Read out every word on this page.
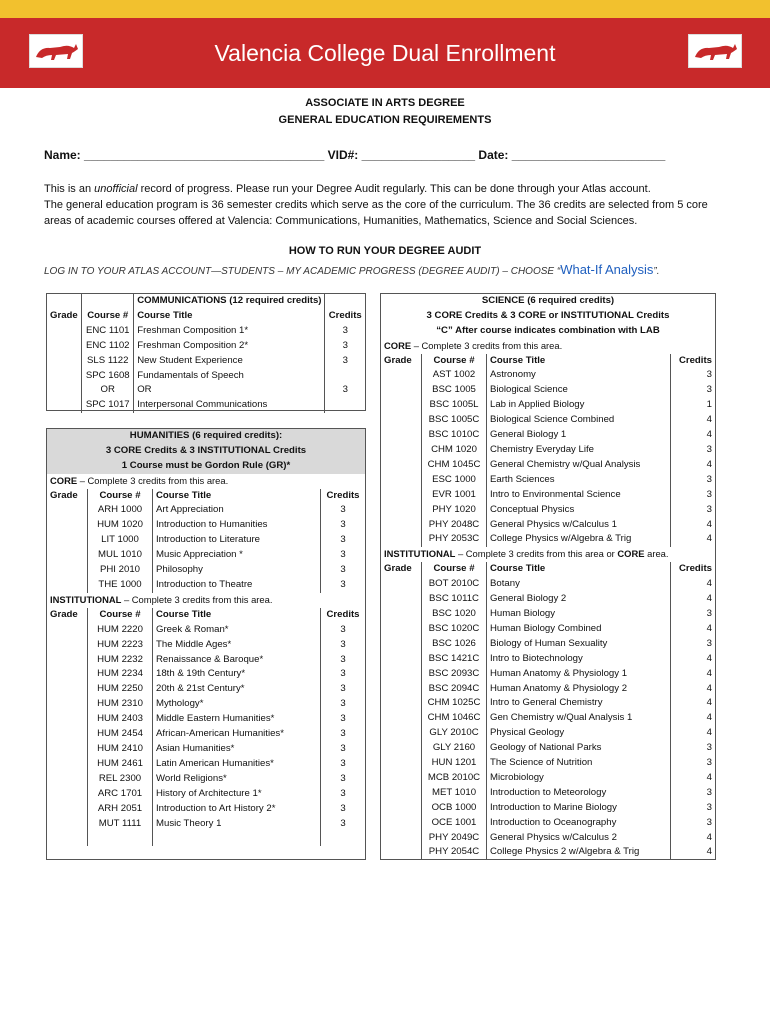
Valencia College Dual Enrollment
ASSOCIATE IN ARTS DEGREE
GENERAL EDUCATION REQUIREMENTS
Name: ____________________________________ VID#: _________________ Date: _______________________
This is an unofficial record of progress. Please run your Degree Audit regularly. This can be done through your Atlas account.
The general education program is 36 semester credits which serve as the core of the curriculum. The 36 credits are selected from 5 core areas of academic courses offered at Valencia: Communications, Humanities, Mathematics, Science and Social Sciences.
HOW TO RUN YOUR DEGREE AUDIT
LOG IN TO YOUR ATLAS ACCOUNT—STUDENTS – MY ACADEMIC PROGRESS (DEGREE AUDIT) – CHOOSE “What-If Analysis”.
		COMMUNICATIONS (12 required credits)	
Grade	Course #	Course Title	Credits
	ENC 1101	Freshman Composition 1*	3
	ENC 1102	Freshman Composition 2*	3
	SLS 1122	New Student Experience	3
	SPC 1608	Fundamentals of Speech	
	OR	OR	3
	SPC 1017	Interpersonal Communications	
HUMANITIES (6 required credits):			
3 CORE Credits & 3 INSTITUTIONAL Credits			
1 Course must be Gordon Rule (GR)*			
CORE – Complete 3 credits from this area.			
Grade	Course #	Course Title	Credits
	ARH 1000	Art Appreciation	3
	HUM 1020	Introduction to Humanities	3
	LIT 1000	Introduction to Literature	3
	MUL 1010	Music Appreciation *	3
	PHI 2010	Philosophy	3
	THE 1000	Introduction to Theatre	3
INSTITUTIONAL – Complete 3 credits from this area.			
Grade	Course #	Course Title	Credits
	HUM 2220	Greek & Roman*	3
	HUM 2223	The Middle Ages*	3
	HUM 2232	Renaissance & Baroque*	3
	HUM 2234	18th & 19th Century*	3
	HUM 2250	20th & 21st Century*	3
	HUM 2310	Mythology*	3
	HUM 2403	Middle Eastern Humanities*	3
	HUM 2454	African-American Humanities*	3
	HUM 2410	Asian Humanities*	3
	HUM 2461	Latin American Humanities*	3
	REL 2300	World Religions*	3
	ARC 1701	History of Architecture 1*	3
	ARH 2051	Introduction to Art History 2*	3
	MUT 1111	Music Theory 1	3

SCIENCE (6 required credits)			
3 CORE Credits & 3 CORE or INSTITUTIONAL Credits			
“C” After course indicates combination with LAB			
CORE – Complete 3 credits from this area.			
Grade	Course #	Course Title	Credits
	AST 1002	Astronomy	3
	BSC 1005	Biological Science	3
	BSC 1005L	Lab in Applied Biology	1
	BSC 1005C	Biological Science Combined	4
	BSC 1010C	General Biology 1	4
	CHM 1020	Chemistry Everyday Life	3
	CHM 1045C	General Chemistry w/Qual Analysis	4
	ESC 1000	Earth Sciences	3
	EVR 1001	Intro to Environmental Science	3
	PHY 1020	Conceptual Physics	3
	PHY 2048C	General Physics w/Calculus 1	4
	PHY 2053C	College Physics w/Algebra & Trig	4
INSTITUTIONAL – Complete 3 credits from this area or CORE area.			
Grade	Course #	Course Title	Credits
	BOT 2010C	Botany	4
	BSC 1011C	General Biology 2	4
	BSC 1020	Human Biology	3
	BSC 1020C	Human Biology Combined	4
	BSC 1026	Biology of Human Sexuality	3
	BSC 1421C	Intro to Biotechnology	4
	BSC 2093C	Human Anatomy & Physiology 1	4
	BSC 2094C	Human Anatomy & Physiology 2	4
	CHM 1025C	Intro to General Chemistry	4
	CHM 1046C	Gen Chemistry w/Qual Analysis 1	4
	GLY 2010C	Physical Geology	4
	GLY 2160	Geology of National Parks	3
	HUN 1201	The Science of Nutrition	3
	MCB 2010C	Microbiology	4
	MET 1010	Introduction to Meteorology	3
	OCB 1000	Introduction to Marine Biology	3
	OCE 1001	Introduction to Oceanography	3
	PHY 2049C	General Physics w/Calculus 2	4
	PHY 2054C	College Physics 2 w/Algebra & Trig	4
